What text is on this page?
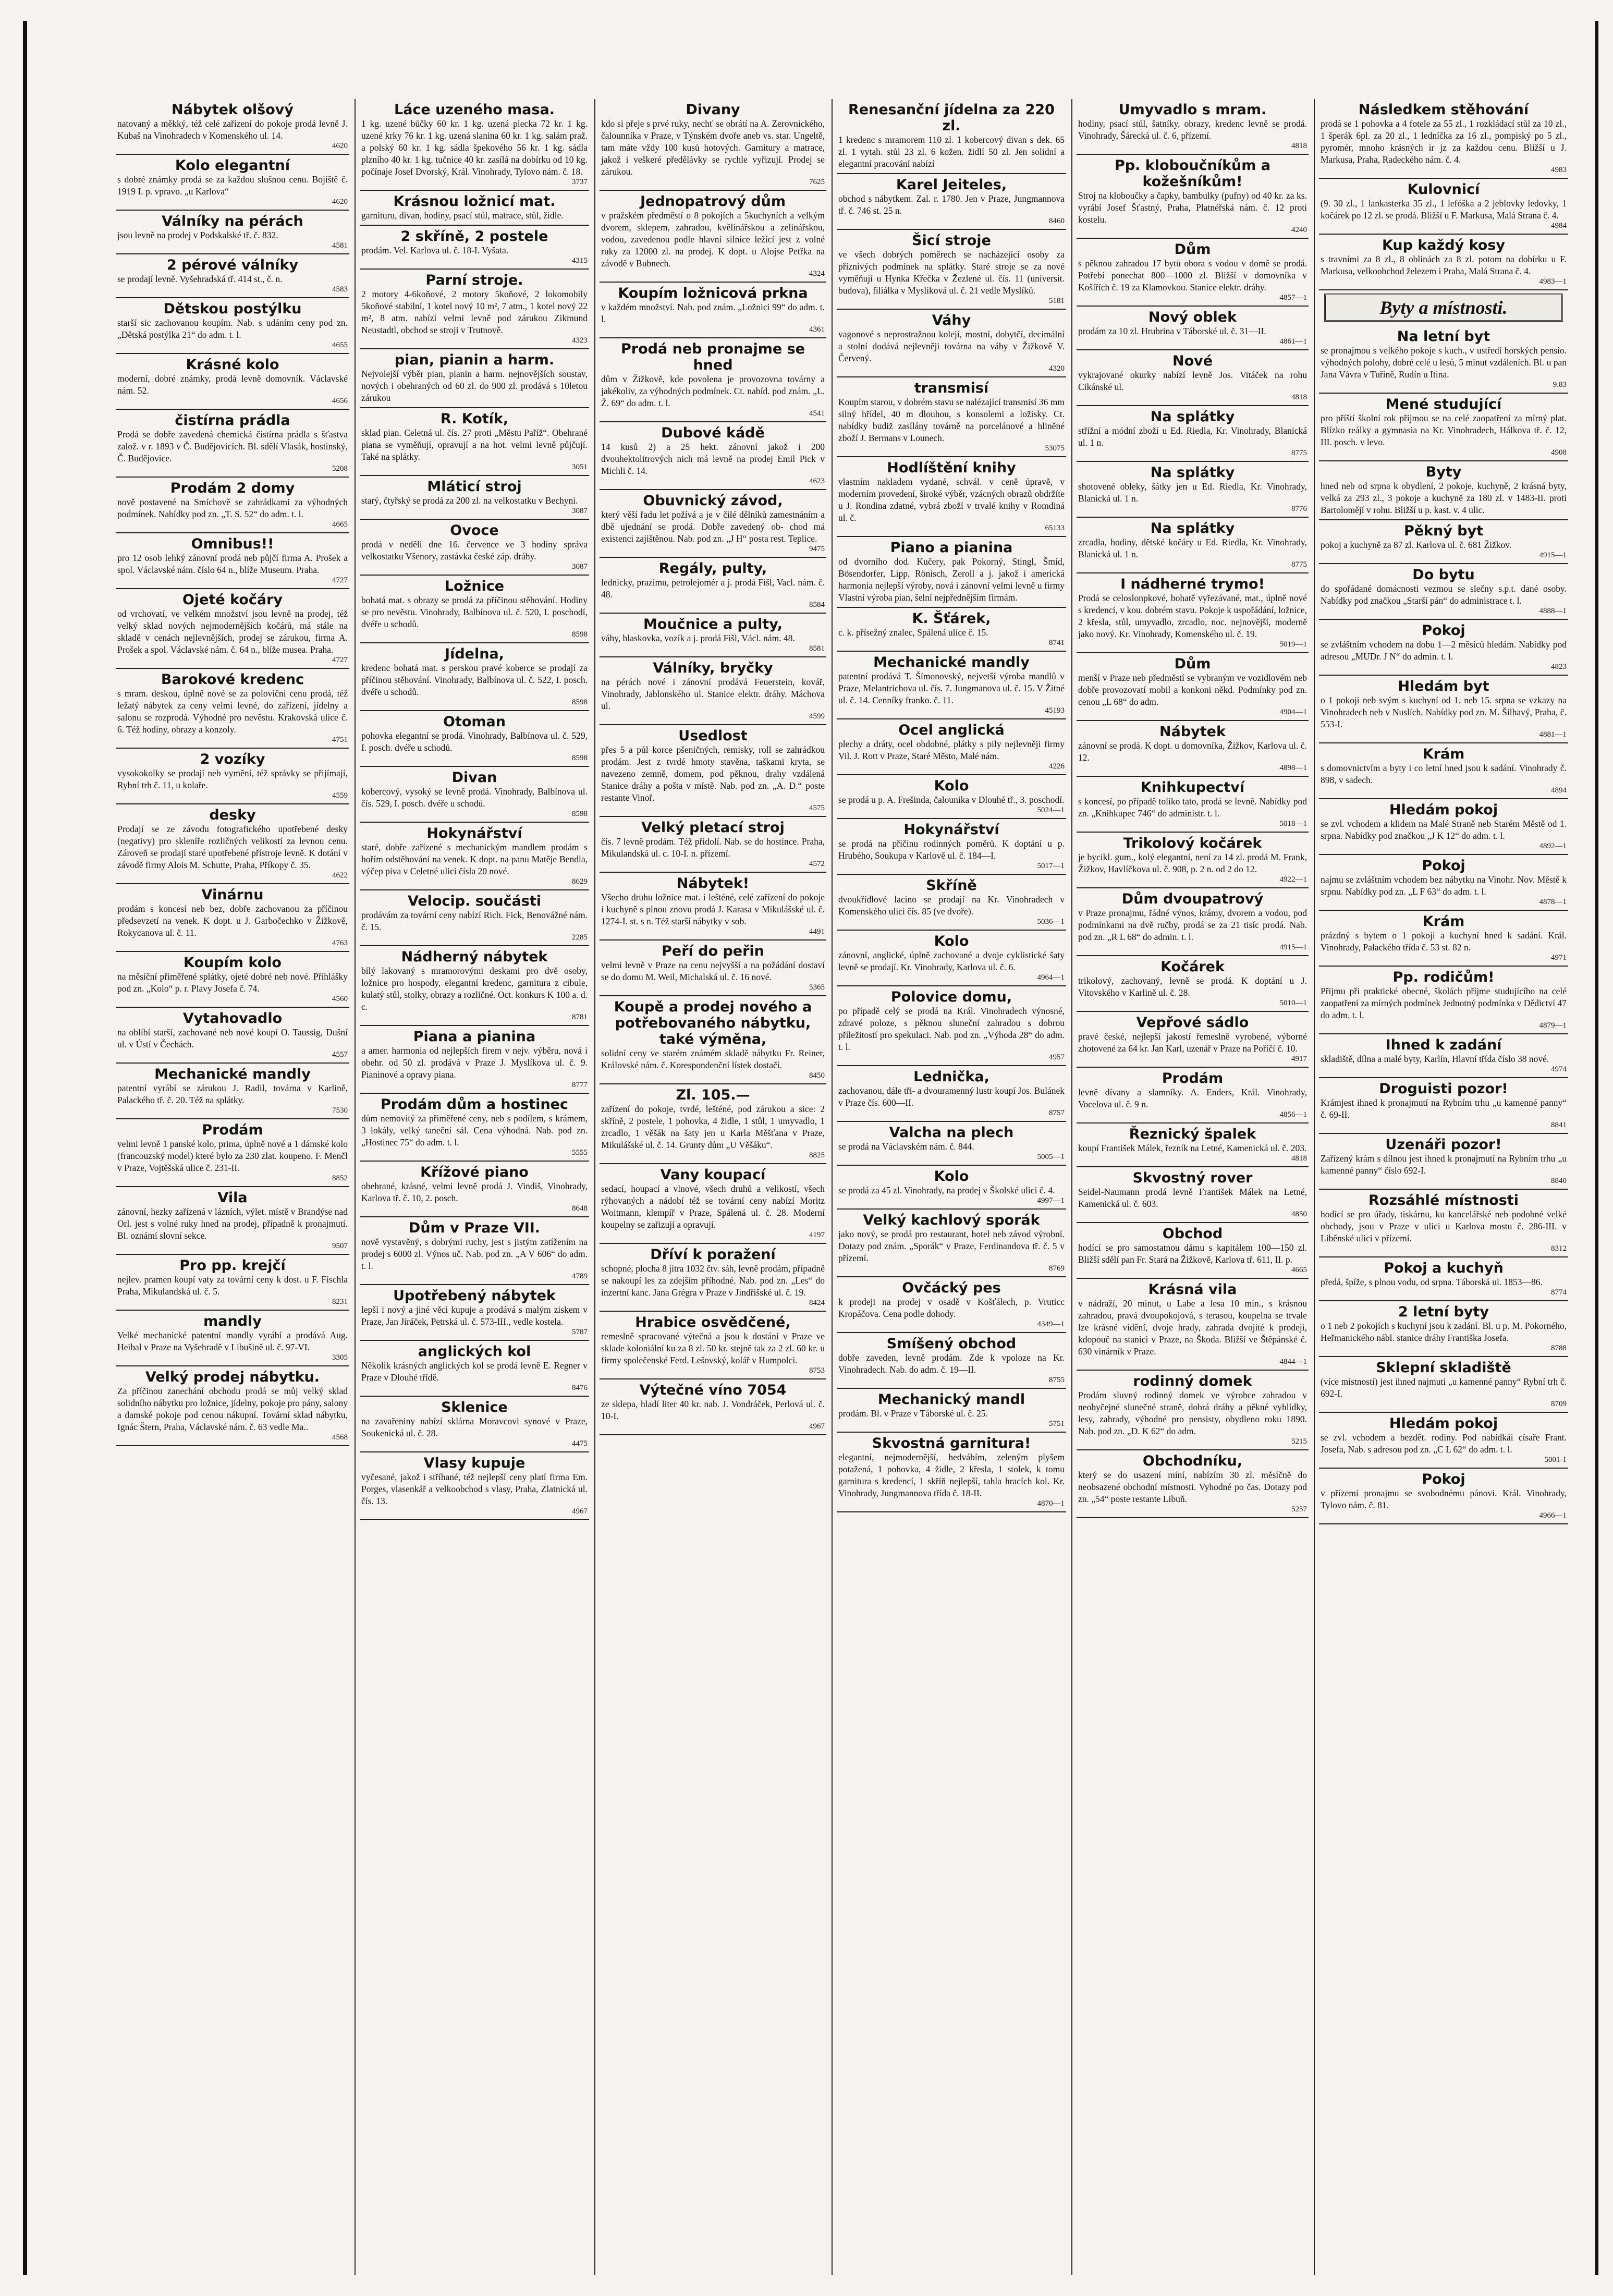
Nábytek olšový
natovaný a měkký, též celé zařízení do pokoje prodá levně J. Kubaš na Vinohradech v Komenského ul. 14.
4620
Kolo elegantní
s dobré známky prodá se za každou slušnou cenu. Bojiště č. 1919 I. p. vpravo. „u Karlova“
4620
Válníky na pérách
jsou levně na prodej v Podskalské tř. č. 832.
4581
2 pérové válníky
se prodají levně. Vyšehradská tř. 414 st., č. n.
4583
Dětskou postýlku
starší sic zachovanou koupím. Nab. s udáním ceny pod zn. „Dětská postýlka 21“ do adm. t. l.
4655
Krásné kolo
moderní, dobré známky, prodá levně domovník. Václavské nám. 52.
4656
čistírna prádla
Prodá se dobře zavedená chemická čistírna prádla s šťastva založ. v r. 1893 v Č. Budějovicích. Bl. sdělí Vlasák, hostinský, Č. Budějovice.
5208
Prodám 2 domy
nově postavené na Smíchově se zahrádkami za výhodných podmínek. Nabídky pod zn. „T. S. 52“ do adm. t. l.
4665
Omnibus!!
pro 12 osob lehký zánovní prodá neb půjčí firma A. Prošek a spol. Václavské nám. číslo 64 n., blíže Museum. Praha.
4727
Ojeté kočáry
od vrchovatí, ve velkém množství jsou levně na prodej, též velký sklad nových nejmodernějších kočárů, má stále na skladě v cenách nejlevnějších, prodej se zárukou, firma A. Prošek a spol. Václavské nám. č. 64 n., blíže musea. Praha.
4727
Barokové kredenc
s mram. deskou, úplně nové se za polovični cenu prodá, též ležatý nábytek za ceny velmi levné, do zařízení, jídelny a salonu se rozprodá. Výhodné pro nevěstu. Krakovská ulice č. 6. Též hodiny, obrazy a konzoly.
4751
2 vozíky
vysokokolky se prodají neb vymění, též správky se přijímají, Rybní trh č. 11, u kolaře.
4559
desky
Prodají se ze závodu fotografického upotřebené desky (negativy) pro skleníře rozličných velikostí za levnou cenu. Zároveň se prodají staré upotřebené přístroje levně. K dotání v závodě firmy Alois M. Schutte, Praha, Příkopy č. 35.
4622
Vinárnu
prodám s koncesí neb bez, dobře zachovanou za příčinou předsevzetí na venek. K dopt. u J. Garbočechko v Žižkově, Rokycanova ul. č. 11.
4763
Koupím kolo
na měsíční přiměřené splátky, ojeté dobré neb nové. Přihlášky pod zn. „Kolo“ p. r. Plavy Josefa č. 74.
4560
Vytahovadlo
na oblíbí starší, zachované neb nové koupí O. Taussig, Dušní ul. v Ústí v Čechách.
4557
Mechanické mandly
patentní vyrábí se zárukou J. Radil, továrna v Karlině, Palackého tř. č. 20. Též na splátky.
7530
Prodám
velmi levně 1 panské kolo, prima, úplně nové a 1 dámské kolo (francouzský model) které bylo za 230 zlat. koupeno. F. Menčl v Praze, Vojtěšská ulice č. 231-II.
8852
Vila
zánovní, hezky zařízená v lázních, výlet. místě v Brandýse nad Orl. jest s volné ruky hned na prodej, případně k pronajmutí. Bl. oznámí slovní sekce.
9507
Pro pp. krejčí
nejlev. pramen koupí vaty za tovární ceny k dost. u F. Fischla Praha, Mikulandská ul. č. 5.
8231
mandly
Velké mechanické patentní mandly vyrábí a prodává Aug. Heibal v Praze na Vyšehradě v Libušině ul. č. 97-VI.
3305
Velký prodej nábytku.
Za příčinou zanechání obchodu prodá se můj velký sklad solidního nábytku pro ložnice, jídelny, pokoje pro pány, salony a damské pokoje pod cenou nákupní. Tovární sklad nábytku, Ignác Štern, Praha, Václavské nám. č. 63 vedle Ma..
4568
Láce uzeného masa.
1 kg. uzené bůčky 60 kr. 1 kg. uzená plecka 72 kr. 1 kg. uzené krky 76 kr. 1 kg. uzená slanina 60 kr. 1 kg. salám praž. a polský 60 kr. 1 kg. sádla špekového 56 kr. 1 kg. sádla plzního 40 kr. 1 kg. tučnice 40 kr. zasílá na dobírku od 10 kg. počínaje Josef Dvorský, Král. Vinohrady, Tylovo nám. č. 18.
3737
Krásnou ložnicí mat.
garnituru, divan, hodiny, psací stůl, matrace, stůl, židle.
2 skříně, 2 postele
prodám. Vel. Karlova ul. č. 18-I. Vyšata.
4315
Parní stroje.
2 motory 4-6koňové, 2 motory 5koňové, 2 lokomobily 5koňové stabilní, 1 kotel nový 10 m², 7 atm., 1 kotel nový 22 m², 8 atm. nabízí velmi levně pod zárukou Zikmund Neustadtl, obchod se stroji v Trutnově.
4323
pian, pianin a harm.
Nejvolejší výběr pian, pianin a harm. nejnovějších soustav, nových i obehraných od 60 zl. do 900 zl. prodává s 10letou zárukou
R. Kotík,
sklad pian. Celetná ul. čís. 27 proti „Městu Paříž“. Obehrané piana se vyměňují, opravují a na hot. velmi levně půjčují. Také na splátky.
3051
Mláticí stroj
starý, čtyřský se prodá za 200 zl. na velkostatku v Bechyni.
3087
Ovoce
prodá v neděli dne 16. července ve 3 hodiny správa velkostatku Všenory, zastávka české záp. dráhy.
3087
Ložnice
bohatá mat. s obrazy se prodá za příčinou stěhování. Hodiny se pro nevěstu. Vinohrady, Balbínova ul. č. 520, I. poschodí, dvéře u schodů.
8598
Jídelna,
kredenc bohatá mat. s perskou pravé koberce se prodají za příčinou stěhování. Vinohrady, Balbínova ul. č. 522, I. posch. dvéře u schodů.
8598
Otoman
pohovka elegantní se prodá. Vinohrady, Balbínova ul. č. 529, I. posch. dvéře u schodů.
8598
Divan
kobercový, vysoký se levně prodá. Vinohrady, Balbínova ul. čís. 529, I. posch. dvéře u schodů.
8598
Hokynářství
staré, dobře zařízené s mechanickým mandlem prodám s hořím odstěhování na venek. K dopt. na panu Matěje Bendla, výčep piva v Celetné ulici čísla 20 nové.
8629
Velocip. součásti
prodávám za tovární ceny nabízí Rich. Fick, Benovážné nám. č. 15.
2285
Nádherný nábytek
bílý lakovaný s mramorovými deskami pro dvě osoby, ložnice pro hospody, elegantní kredenc, garnitura z cibule, kulatý stůl, stolky, obrazy a rozličné. Oct. konkurs K 100 a. d. c.
8781
Piana a pianina
a amer. harmonia od nejlepších firem v nejv. výběru, nová i obehr. od 50 zl. prodává v Praze J. Myslíkova ul. č. 9. Pianinové a opravy piana.
8777
Prodám dům a hostinec
dům nemovitý za přiměřené ceny, neb s podílem, s krámem, 3 lokály, velký taneční sál. Cena výhodná. Nab. pod zn. „Hostinec 75“ do adm. t. l.
5555
Křížové piano
obehrané, krásné, velmi levně prodá J. Vindiš, Vinohrady, Karlova tř. č. 10, 2. posch.
8648
Dům v Praze VII.
nově vystavěný, s dobrými ruchy, jest s jistým zatížením na prodej s 6000 zl. Výnos uč. Nab. pod zn. „A V 606“ do adm. t. l.
4789
Upotřebený nábytek
lepší i nový a jiné věci kupuje a prodává s malým ziskem v Praze, Jan Jiráček, Petrská ul. č. 573-III., vedle kostela.
5787
anglických kol
Několik krásných anglických kol se prodá levně E. Regner v Praze v Dlouhé třídě.
8476
Sklenice
na zavařeniny nabízí sklárna Moravcovi synové v Praze, Soukenická ul. č. 28.
4475
Vlasy kupuje
vyčesané, jakož i stříhané, též nejlepší ceny platí firma Em. Porges, vlasenkář a velkoobchod s vlasy, Praha, Zlatnická ul. čís. 13.
4967
Divany
kdo si přeje s prvé ruky, nechť se obrátí na A. Zerovnického, čalounníka v Praze, v Týnském dvoře aneb vs. star. Ungeltě, tam máte vždy 100 kusů hotových. Garnitury a matrace, jakož i veškeré předělávky se rychle vyřizují. Prodej se zárukou.
7625
Jednopatrový dům
v pražském předměstí o 8 pokojích a 5kuchyních a velkým dvorem, sklepem, zahradou, kvělinářskou a zelinářskou, vodou, zavedenou podle hlavní silnice ležící jest z volné ruky za 12000 zl. na prodej. K dopt. u Alojse Petřka na závodě v Bubnech.
4324
Koupím ložnicová prkna
v každém množství. Nab. pod znám. „Ložnici 99“ do adm. t. l.
4361
Prodá neb pronajme se hned
dům v Žižkově, kde povolena je provozovna továrny a jakékoliv, za výhodných podmínek. Ct. nabíd. pod znám. „L. Ž. 69“ do adm. t. l.
4541
Dubové kádě
14 kusů 2) a 25 hekt. zánovní jakož i 200 dvouhektolitrových nich má levně na prodej Emil Pick v Michli č. 14.
4623
Obuvnický závod,
který věší řadu let požívá a je v čilé dělníků zamestnáním a dbě ujednání se prodá. Dobře zavedený ob- chod má existenci zajištěnou. Nab. pod zn. „J H“ posta rest. Teplice.
9475
Regály, pulty,
lednicky, prazimu, petrolejomér a j. prodá Fišl, Vacl. nám. č. 48.
8584
Moučnice a pulty,
váhy, blaskovka, vozík a j. prodá Fišl, Václ. nám. 48.
8581
Válníky, bryčky
na pérách nové i zánovní prodává Feuerstein, kovář, Vinohrady, Jablonského ul. Stanice elektr. dráhy. Máchova ul.
4599
Usedlost
přes 5 a půl korce pšeničných, remisky, roll se zahrádkou prodám. Jest z tvrdé hmoty stavěna, taškami kryta, se navezeno zemně, domem, pod pěknou, drahy vzdálená Stanice dráhy a pošta v místě. Nab. pod zn. „A. D.“ poste restante Vinoř.
4575
Velký pletací stroj
čís. 7 levně prodám. Též přidolí. Nab. se do hostince. Praha, Mikulandská ul. c. 10-I. n. přízemí.
4572
Nábytek!
Všecho druhu ložnice mat. i lešténé, celé zařízení do pokoje i kuchyně s plnou znovu prodá J. Karasa v Mikulášské ul. č. 1274-I. st. s n. Též starší nábytky v sob.
4491
Peří do peřin
velmi levně v Praze na cenu nejvyšší a na požádání dostaví se do domu M. Weil, Michalská ul. č. 16 nové.
5365
Koupě a prodej nového a potřebovaného nábytku, také výměna,
solidní ceny ve starém známém skladě nábytku Fr. Reiner, Královské nám. č. Korespondenční lístek dostačí.
8450
Zl. 105.—
zařízení do pokoje, tvrdé, lešténé, pod zárukou a sice: 2 skříně, 2 postele, 1 pohovka, 4 židle, 1 stůl, 1 umyvadlo, 1 zrcadlo, 1 věšák na šaty jen u Karla Měšťana v Praze, Mikulášské ul. č. 14. Grunty dům „U Věšáku“.
8825
Vany koupací
sedací, houpací a vlnové, všech druhů a velikostí, všech rýhovaných a nádobí též se tovární ceny nabízí Moritz Woitmann, klempíř v Praze, Spálená ul. č. 28. Moderní koupelny se zařizují a opravují.
4197
Dříví k poražení
schopné, plocha 8 jitra 1032 čtv. sáh, levně prodám, případně se nakoupí les za zdejším příhodné. Nab. pod zn. „Les“ do inzertní kanc. Jana Grégra v Praze v Jindřišské ul. č. 19.
8424
Hrabice osvědčené,
remeslně spracované výtečná a jsou k dostání v Praze ve sklade koloniální ku za 8 zl. 50 kr. stejně tak za 2 zl. 60 kr. u firmy společenské Ferd. Lešovský, kolář v Humpolci.
8753
Výtečné víno 7054
ze sklepa, hladí liter 40 kr. nab. J. Vondráček, Perlová ul. č. 10-I.
4967
Renesanční jídelna za 220 zl.
1 kredenc s mramorem 110 zl. 1 kobercový divan s dek. 65 zl. 1 vytah. stůl 23 zl. 6 kožen. židlí 50 zl. Jen solidní a elegantní pracování nabízí
Karel Jeitelеs,
obchod s nábytkem. Zal. r. 1780. Jen v Praze, Jungmannova tř. č. 746 st. 25 n.
8460
Šicí stroje
ve všech dobrých poměrech se nacházející osoby za příznivých podmínek na splátky. Staré stroje se za nové vyměňují u Hynka Křečka v Žezlené ul. čís. 11 (universit. budova), filiálka v Mysliková ul. č. 21 vedle Myslíků.
5181
Váhy
vagonové s neprostražnou kolejí, mostní, dobytčí, decimální a stolní dodává nejlevněji továrna na váhy v Žižkově V. Červený.
4320
transmisí
Koupím starou, v dobrém stavu se nalézající transmisí 36 mm silný hřídel, 40 m dlouhou, s konsolemi a ložisky. Ct. nabídky budiž zasílány továrně na porcelánové a hliněné zboží J. Bermans v Lounech.
53075
Hodlíštění knihy
vlastním nakladem vydané, schvál. v ceně úpravě, v moderním provedení, široké výběr, vzácných obrazů obdržíte u J. Rondina zdatné, vybrá zboží v trvalé knihy v Romdiná ul. č.
65133
Piano a pianina
od dvorního dod. Kučery, pak Pokorný, Stingl, Šmíd, Bösendorfer, Lipp, Rönisch, Zeroll a j. jakož i americká harmonia nejlepší výroby, nová i zánovní velmi levně u firmy Vlastní výroba pian, šelní nejpřednějším firmám.
K. Šťárek,
c. k. přísežný znalec, Spálená ulice č. 15.
8741
Mechanické mandly
patentní prodává T. Šímonovský, nejvetší výroba mandlů v Praze, Melantrichova ul. čís. 7. Jungmanova ul. č. 15. V Žitné ul. č. 14. Cenníky franko. č. 11.
45193
Ocel anglická
plechy a dráty, ocel obdobné, plátky s pily nejlevněji firmy Vil. J. Rott v Praze, Staré Město, Malé nám.
4226
Kolo
se prodá u p. A. Frešinda, čalounika v Dlouhé tř., 3. poschodí.
5024—1
Hokynářství
se prodá na přičinu rodinných poměrů. K doptání u p. Hrubého, Soukupa v Karlově ul. č. 184—I.
5017—1
Skříně
dvoukřídlové lacino se prodají na Kr. Vinohradech v Komenského ulici čís. 85 (ve dvoře).
5036—1
Kolo
zánovní, anglické, úplně zachované a dvoje cyklistické šaty levně se prodají. Kr. Vinohrady, Karlova ul. č. 6.
4964—1
Polovice domu,
po případě celý se prodá na Král. Vinohradech výnosné, zdravé poloze, s pěknou sluneční zahradou s dobrou příležitostí pro spekulaci. Nab. pod zn. „Výhoda 28“ do adm. t. l.
4957
Lednička,
zachovanou, dále tři- a dvouramenný lustr koupí Jos. Bulánek v Praze čís. 600—II.
8757
Valcha na plech
se prodá na Václavském nám. č. 844.
5005—1
Kolo
se prodá za 45 zl. Vinohrady, na prodej v Školské ulici č. 4.
4997—1
Velký kachlový sporák
jako nový, se prodá pro restaurant, hotel neb závod výrobní. Dotazy pod znám. „Sporák“ v Praze, Ferdinandova tř. č. 5 v přízemí.
8769
Ovčácký pes
k prodeji na prodej v osadě v Košťálech, p. Vruticc Kropáčova. Cena podle dohody.
4349—1
Smíšený obchod
dobře zaveden, levně prodám. Zde k vpoloze na Kr. Vinohradech. Nab. do adm. č. 19—II.
8755
Mechanický mandl
prodám. Bl. v Praze v Táborské ul. č. 25.
5751
Skvostná garnitura!
elegantní, nejmodernější, hedvábím, zeleným plyšem potažená, 1 pohovka, 4 židle, 2 křesla, 1 stolek, k tomu garnitura s kredencí, 1 skříň nejlepší, tahla hracích kol. Kr. Vinohrady, Jungmannova třída č. 18-II.
4870—1
Umyvadlo s mram.
hodiny, psací stůl, šatníky, obrazy, kredenc levně se prodá. Vinohrady, Šárecká ul. č. 6, přízemí.
4818
Pp. kloboučníkům a kožešníkům!
Stroj na kloboučky a čapky, bambulky (pufny) od 40 kr. za ks. vyrábí Josef Šťastný, Praha, Platnéřská nám. č. 12 proti kostelu.
4240
Dům
s pěknou zahradou 17 bytů obora s vodou v domě se prodá. Potřebí ponechat 800—1000 zl. Bližší v domovníka v Košířích č. 19 za Klamovkou. Stanice elektr. dráhy.
4857—1
Nový oblek
prodám za 10 zl. Hrubrina v Táborské ul. č. 31—II.
4861—1
Nové
vykrajované okurky nabízí levně Jos. Vitáček na rohu Cikánské ul.
4818
Na splátky
střížní a módní zboží u Ed. Riedla, Kr. Vinohrady, Blanická ul. 1 n.
8775
Na splátky
shotovené obleky, šátky jen u Ed. Riedla, Kr. Vinohrady, Blanická ul. 1 n.
8776
Na splátky
zrcadla, hodiny, dětské kočáry u Ed. Riedla, Kr. Vinohrady, Blanická ul. 1 n.
8775
I nádherné trymo!
Prodá se celoslonpkové, bohatě vyřezávané, mat., úplně nové s kredencí, v kou. dobrém stavu. Pokoje k uspořádání, ložnice, 2 křesla, stůl, umyvadlo, zrcadlo, noc. nejnovější, moderně jako nový. Kr. Vinohrady, Komenského ul. č. 19.
5019—1
Dům
menší v Praze neb předměstí se vybraným ve vozidlovém neb dobře provozovatí mobil a konkoni někd. Podmínky pod zn. cenou „L 68“ do adm.
4904—1
Nábytek
zánovní se prodá. K dopt. u domovníka, Žižkov, Karlova ul. č. 12.
4898—1
Knihkupectví
s koncesí, po případě toliko tato, prodá se levně. Nabídky pod zn. „Knihkupec 746“ do administr. t. l.
5018—1
Trikolový kočárek
je bycikl. gum., kolý elegantní, není za 14 zl. prodá M. Frank, Žižkov, Havlíčkova ul. č. 908, p. 2 n. od 2 do 12.
4922—1
Dům dvoupatrový
v Praze pronajmu, řádné výnos, krámy, dvorem a vodou, pod podmínkami na dvě ručby, prodá se za 21 tisíc prodá. Nab. pod zn. „R L 68“ do admin. t. l.
4915—1
Kočárek
trikolový, zachovaný, levně se prodá. K doptání u J. Vitovského v Karlině ul. č. 28.
5010—1
Vepřové sádlo
pravé české, nejlepší jakostí řemeslně vyrobené, výborné zhotovené za 64 kr. Jan Karl, uzenář v Praze na Poříčí č. 10.
4917
Prodám
levně dívany a slamníky. A. Enders, Král. Vinohrady, Vocelova ul. č. 9 n.
4856—1
Řeznický špalek
koupí František Málek, řezník na Letné, Kamenická ul. č. 203.
4818
Skvostný rover
Seidel-Naumann prodá levně František Málek na Letné, Kamenická ul. č. 603.
4850
Obchod
hodící se pro samostatnou dámu s kapitálem 100—150 zl. Bližší sdělí pan Fr. Stará na Žižkově, Karlova tř. 611, II. p.
4665
Krásná vila
v nádraží, 20 minut, u Labe a lesa 10 min., s krásnou zahradou, pravá dvoupokojová, s terasou, koupelna se trvale lze krásné vidění, dvoje hrady, zahrada dvojité k prodeji, kdopouč na stanici v Praze, na Škoda. Bližší ve Štěpánské č. 630 vinárník v Praze.
4844—1
rodinný domek
Prodám sluvný rodinný domek ve výrobce zahradou v neobyčejné slunečné straně, dobrá dráhy a pěkné vyhlídky, lesy, zahrady, výhodné pro pensisty, obydleno roku 1890. Nab. pod zn. „D. K 62“ do adm.
5215
Obchodníku,
který se do usazení míní, nabízím 30 zl. měsíčně do neobsazené obchodní místnosti. Vyhodné po čas. Dotazy pod zn. „54“ poste restante Libuň.
5257
Následkem stěhování
prodá se 1 pohovka a 4 fotele za 55 zl., 1 rozkládací stůl za 10 zl., 1 šperák 6pl. za 20 zl., 1 ledníčka za 16 zl., pompiský po 5 zl., pyromér, mnoho krásných ir jz za každou cenu. Bližší u J. Markusa, Praha, Radeckého nám. č. 4.
4983
Kulovnicí
(9. 30 zl., 1 lankasterka 35 zl., 1 lefóška a 2 jeblovky ledovky, 1 kočárek po 12 zl. se prodá. Bližší u F. Markusa, Malá Strana č. 4.
4984
Kup každý kosy
s travními za 8 zl., 8 oblinách za 8 zl. potom na dobírku u F. Markusa, velkoobchod železem i Praha, Malá Strana č. 4.
4983—1
Byty a místnosti.
Na letní byt
se pronajmou s velkého pokoje s kuch., v ustředí horských pensio. výhodných polohy, dobré celé u lesů, 5 minut vzdáleních. Bl. u pan Jana Vávra v Tuřině, Rudín u Itina.
9.83
Mené studující
pro příští školní rok přijmou se na celé zaopatření za mírný plat. Blízko reálky a gymnasia na Kr. Vinohradech, Hálkova tř. č. 12, III. posch. v levo.
4908
Byty
hned neb od srpna k obydlení, 2 pokoje, kuchyně, 2 krásná byty, velká za 293 zl., 3 pokoje a kuchyně za 180 zl. v 1483-II. proti Bartolomějí v rohu. Bližší u p. kast. v. 4 ulic.
Pěkný byt
pokoj a kuchyně za 87 zl. Karlova ul. č. 681 Žižkov.
4915—1
Do bytu
do spořádané domácnosti vezmou se slečny s.p.t. dané osoby. Nabídky pod značkou „Starší pán“ do administrace t. l.
4888—1
Pokoj
se zvláštním vchodem na dobu 1—2 měsíců hledám. Nabídky pod adresou „MUDr. J N“ do admin. t. l.
4823
Hledám byt
o 1 pokoji neb svým s kuchyní od 1. neb 15. srpna se vzkazy na Vinohradech neb v Nuslích. Nabídky pod zn. M. Šilhavý, Praha, č. 553-I.
4881—1
Krám
s domovnictvím a byty i co letní hned jsou k sadání. Vinohrady č. 898, v sadech.
4894
Hledám pokoj
se zvl. vchodem a klidem na Malé Straně neb Starém Městě od 1. srpna. Nabídky pod značkou „J K 12“ do adm. t. l.
4892—1
Pokoj
najmu se zvláštním vchodem bez nábytku na Vinohr. Nov. Městě k srpnu. Nabídky pod zn. „L F 63“ do adm. t. l.
4878—1
Krám
prázdný s bytem o 1 pokoji a kuchyní hned k sadání. Král. Vinohrady, Palackého třída č. 53 st. 82 n.
4971
Pp. rodičům!
Přijmu při praktické obecné, školách příjme studujícího na celé zaopatření za mírných podmínek Jednotný podmínka v Dědictví 47 do adm. t. l.
4879—1
Ihned k zadání
skladiště, dílna a malé byty, Karlín, Hlavní třída číslo 38 nové.
4974
Droguisti pozor!
Krámjest ihned k pronajmutí na Rybním trhu „u kamenné panny“ č. 69-II.
8841
Uzenáři pozor!
Zařízený krám s dílnou jest ihned k pronajmutí na Rybním trhu „u kamenné panny“ číslo 692-I.
8840
Rozsáhlé místnosti
hodící se pro úřady, tiskárnu, ku kancelářské neb podobné velké obchody, jsou v Praze v ulici u Karlova mostu č. 286-III. v Liběnské ulici v přízemí.
8312
Pokoj a kuchyň
předá, špíže, s plnou vodu, od srpna. Táborská ul. 1853—86.
8774
2 letní byty
o 1 neb 2 pokojích s kuchyní jsou k zadání. Bl. u p. M. Pokorného, Heřmanického nábl. stanice dráhy Františka Josefa.
8788
Sklepní skladiště
(více místností) jest ihned najmuti „u kamenné panny“ Rybní trh č. 692-I.
8709
Hledám pokoj
se zvl. vchodem a bezdět. rodiny. Pod nabídkái císaře Frant. Josefa, Nab. s adresou pod zn. „C L 62“ do adm. t. l.
5001-1
Pokoj
v přízemí pronajmu se svobodnému pánovi. Král. Vinohrady, Tylovo nám. č. 81.
4966—1
